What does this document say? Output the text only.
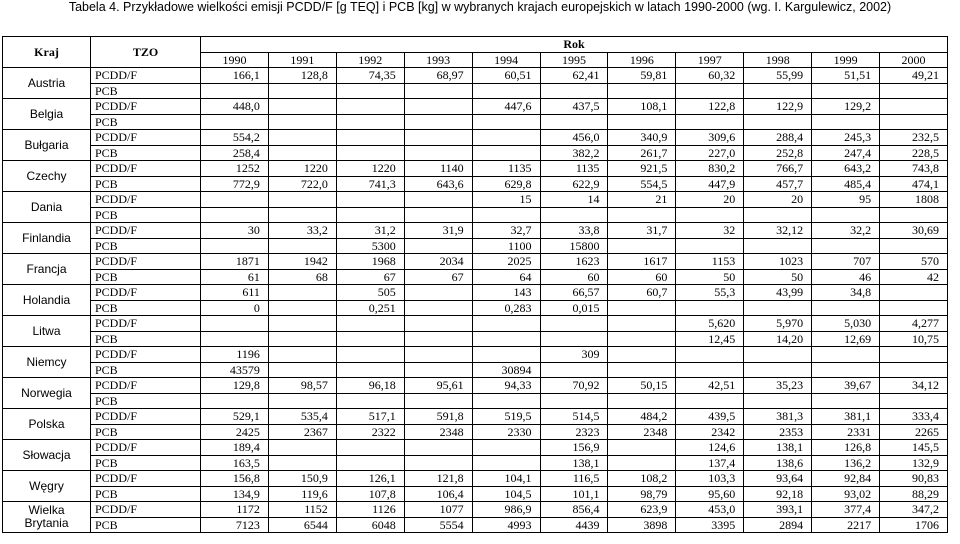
Tabela 4. Przykładowe wielkości emisji PCDD/F [g TEQ] i PCB [kg] w wybranych krajach europejskich w latach 1990-2000 (wg. I. Kargulewicz, 2002)
Kraj	TZO	Rok										
		1990	1991	1992	1993	1994	1995	1996	1997	1998	1999	2000
Austria	PCDD/F	166,1	128,8	74,35	68,97	60,51	62,41	59,81	60,32	55,99	51,51	49,21
	PCB											
Belgia	PCDD/F	448,0				447,6	437,5	108,1	122,8	122,9	129,2	
	PCB											
Bułgaria	PCDD/F	554,2					456,0	340,9	309,6	288,4	245,3	232,5
	PCB	258,4					382,2	261,7	227,0	252,8	247,4	228,5
Czechy	PCDD/F	1252	1220	1220	1140	1135	1135	921,5	830,2	766,7	643,2	743,8
	PCB	772,9	722,0	741,3	643,6	629,8	622,9	554,5	447,9	457,7	485,4	474,1
Dania	PCDD/F					15	14	21	20	20	95	1808
	PCB											
Finlandia	PCDD/F	30	33,2	31,2	31,9	32,7	33,8	31,7	32	32,12	32,2	30,69
	PCB			5300		1100	15800					
Francja	PCDD/F	1871	1942	1968	2034	2025	1623	1617	1153	1023	707	570
	PCB	61	68	67	67	64	60	60	50	50	46	42
Holandia	PCDD/F	611		505		143	66,57	60,7	55,3	43,99	34,8	
	PCB	0		0,251		0,283	0,015					
Litwa	PCDD/F								5,620	5,970	5,030	4,277
	PCB								12,45	14,20	12,69	10,75
Niemcy	PCDD/F	1196					309					
	PCB	43579				30894						
Norwegia	PCDD/F	129,8	98,57	96,18	95,61	94,33	70,92	50,15	42,51	35,23	39,67	34,12
	PCB											
Polska	PCDD/F	529,1	535,4	517,1	591,8	519,5	514,5	484,2	439,5	381,3	381,1	333,4
	PCB	2425	2367	2322	2348	2330	2323	2348	2342	2353	2331	2265
Słowacja	PCDD/F	189,4					156,9		124,6	138,1	126,8	145,5
	PCB	163,5					138,1		137,4	138,6	136,2	132,9
Węgry	PCDD/F	156,8	150,9	126,1	121,8	104,1	116,5	108,2	103,3	93,64	92,84	90,83
	PCB	134,9	119,6	107,8	106,4	104,5	101,1	98,79	95,60	92,18	93,02	88,29
Wielka Brytania	PCDD/F	1172	1152	1126	1077	986,9	856,4	623,9	453,0	393,1	377,4	347,2
	PCB	7123	6544	6048	5554	4993	4439	3898	3395	2894	2217	1706
